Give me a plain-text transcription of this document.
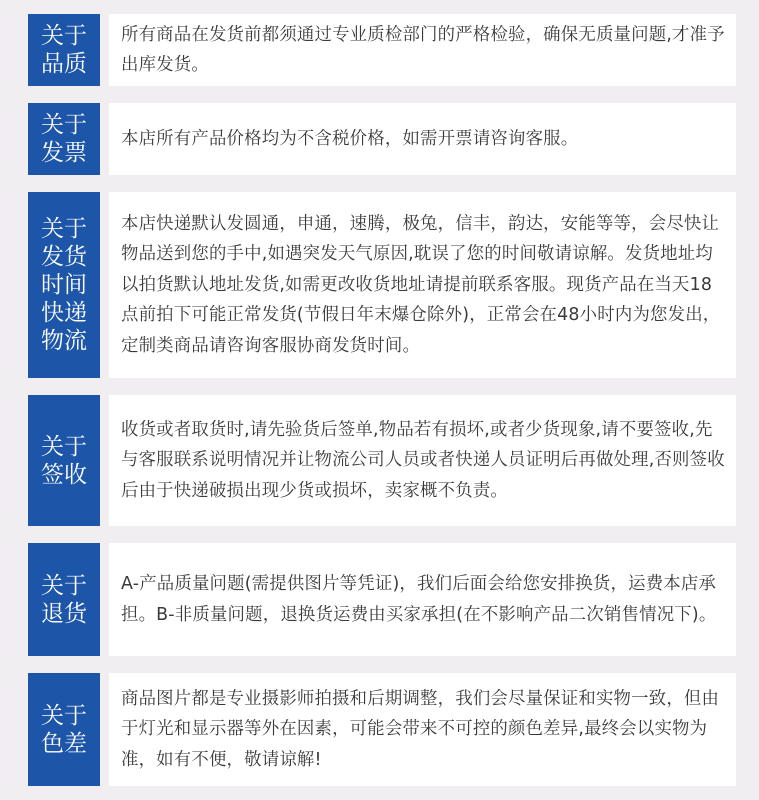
关于品质

所有商品在发货前都须通过专业质检部门的严格检验，确保无质量问题,才准予出库发货。

关于发票

本店所有产品价格均为不含税价格，如需开票请咨询客服。

关于发货时间快递物流

本店快递默认发圆通，申通，速腾，极兔，信丰，韵达，安能等等，会尽快让物品送到您的手中,如遇突发天气原因,耽误了您的时间敬请谅解。发货地址均以拍货默认地址发货,如需更改收货地址请提前联系客服。现货产品在当天18点前拍下可能正常发货(节假日年末爆仓除外)，正常会在48小时内为您发出，定制类商品请咨询客服协商发货时间。

关于签收

收货或者取货时,请先验货后签单,物品若有损坏,或者少货现象,请不要签收,先与客服联系说明情况并让物流公司人员或者快递人员证明后再做处理,否则签收后由于快递破损出现少货或损坏，卖家概不负责。

关于退货

A-产品质量问题(需提供图片等凭证)，我们后面会给您安排换货，运费本店承担。B-非质量问题，退换货运费由买家承担(在不影响产品二次销售情况下)。

关于色差

商品图片都是专业摄影师拍摄和后期调整，我们会尽量保证和实物一致，但由于灯光和显示器等外在因素，可能会带来不可控的颜色差异,最终会以实物为准，如有不便，敬请谅解!
